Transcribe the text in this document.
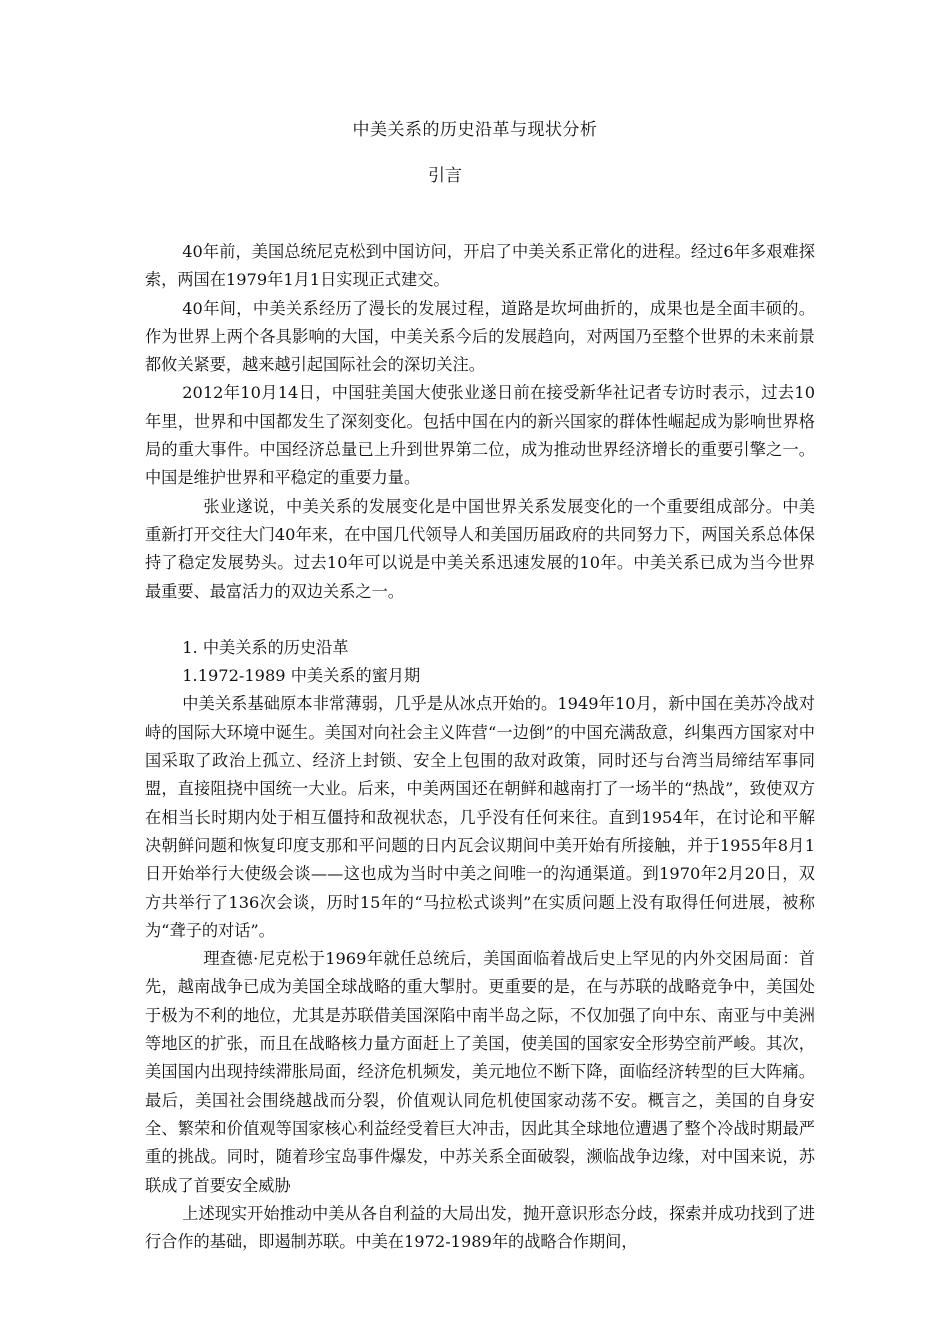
中美关系的历史沿革与现状分析
引言

40年前，美国总统尼克松到中国访问，开启了中美关系正常化的进程。经过6年多艰难探索，两国在1979年1月1日实现正式建交。

40年间，中美关系经历了漫长的发展过程，道路是坎坷曲折的，成果也是全面丰硕的。作为世界上两个各具影响的大国，中美关系今后的发展趋向，对两国乃至整个世界的未来前景都攸关紧要，越来越引起国际社会的深切关注。

2012年10月14日，中国驻美国大使张业遂日前在接受新华社记者专访时表示，过去10年里，世界和中国都发生了深刻变化。包括中国在内的新兴国家的群体性崛起成为影响世界格局的重大事件。中国经济总量已上升到世界第二位，成为推动世界经济增长的重要引擎之一。中国是维护世界和平稳定的重要力量。

张业遂说，中美关系的发展变化是中国世界关系发展变化的一个重要组成部分。中美重新打开交往大门40年来，在中国几代领导人和美国历届政府的共同努力下，两国关系总体保持了稳定发展势头。过去10年可以说是中美关系迅速发展的10年。中美关系已成为当今世界最重要、最富活力的双边关系之一。

1. 中美关系的历史沿革

1.1972-1989 中美关系的蜜月期

中美关系基础原本非常薄弱，几乎是从冰点开始的。1949年10月，新中国在美苏冷战对峙的国际大环境中诞生。美国对向社会主义阵营“一边倒”的中国充满敌意，纠集西方国家对中国采取了政治上孤立、经济上封锁、安全上包围的敌对政策，同时还与台湾当局缔结军事同盟，直接阻挠中国统一大业。后来，中美两国还在朝鲜和越南打了一场半的“热战”，致使双方在相当长时期内处于相互僵持和敌视状态，几乎没有任何来往。直到1954年，在讨论和平解决朝鲜问题和恢复印度支那和平问题的日内瓦会议期间中美开始有所接触，并于1955年8月1日开始举行大使级会谈——这也成为当时中美之间唯一的沟通渠道。到1970年2月20日，双方共举行了136次会谈，历时15年的“马拉松式谈判”在实质问题上没有取得任何进展，被称为“聋子的对话”。

理查德·尼克松于1969年就任总统后，美国面临着战后史上罕见的内外交困局面：首先，越南战争已成为美国全球战略的重大掣肘。更重要的是，在与苏联的战略竞争中，美国处于极为不利的地位，尤其是苏联借美国深陷中南半岛之际，不仅加强了向中东、南亚与中美洲等地区的扩张，而且在战略核力量方面赶上了美国，使美国的国家安全形势空前严峻。其次，美国国内出现持续滞胀局面，经济危机频发，美元地位不断下降，面临经济转型的巨大阵痛。最后，美国社会围绕越战而分裂，价值观认同危机使国家动荡不安。概言之，美国的自身安全、繁荣和价值观等国家核心利益经受着巨大冲击，因此其全球地位遭遇了整个冷战时期最严重的挑战。同时，随着珍宝岛事件爆发，中苏关系全面破裂，濒临战争边缘，对中国来说，苏联成了首要安全威胁

上述现实开始推动中美从各自利益的大局出发，抛开意识形态分歧，探索并成功找到了进行合作的基础，即遏制苏联。中美在1972-1989年的战略合作期间，
